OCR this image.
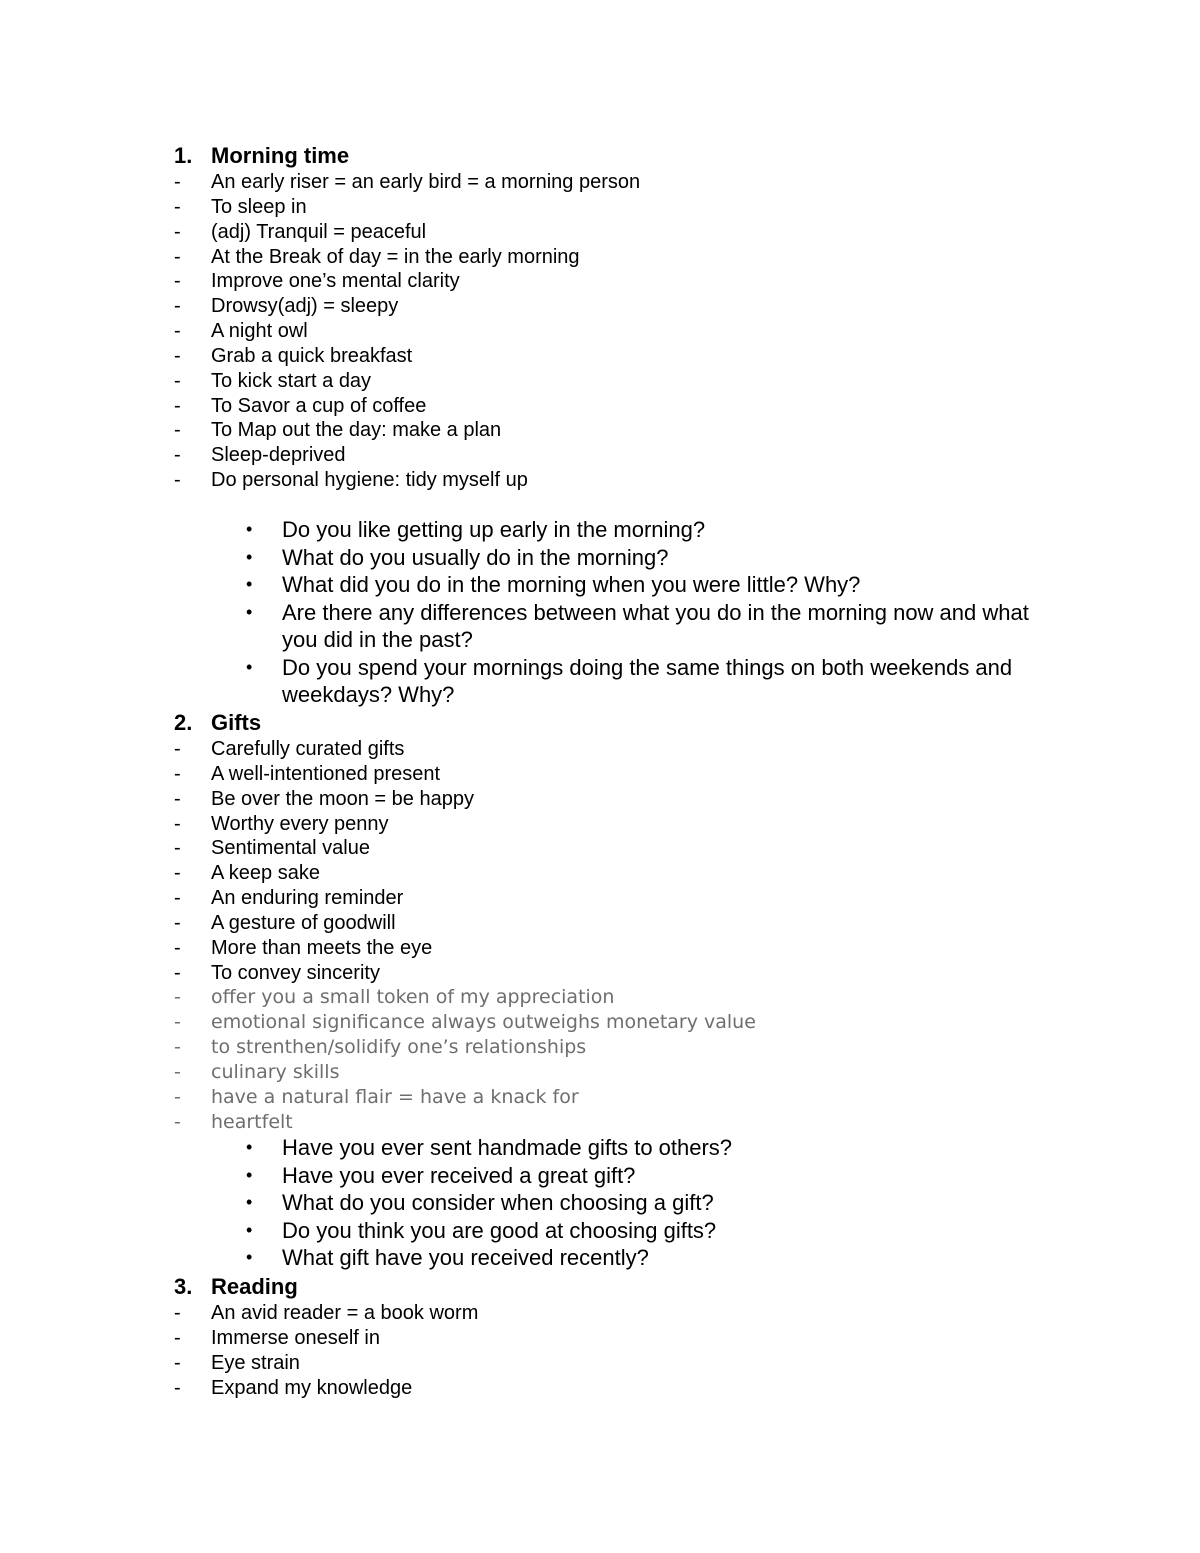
1. Morning time
- An early riser = an early bird = a morning person
- To sleep in
- (adj) Tranquil = peaceful
- At the Break of day = in the early morning
- Improve one’s mental clarity
- Drowsy(adj) = sleepy
- A night owl
- Grab a quick breakfast
- To kick start a day
- To Savor a cup of coffee
- To Map out the day: make a plan
- Sleep-deprived
- Do personal hygiene: tidy myself up
• Do you like getting up early in the morning?
• What do you usually do in the morning?
• What did you do in the morning when you were little? Why?
• Are there any differences between what you do in the morning now and what you did in the past?
• Do you spend your mornings doing the same things on both weekends and weekdays? Why?
2. Gifts
- Carefully curated gifts
- A well-intentioned present
- Be over the moon = be happy
- Worthy every penny
- Sentimental value
- A keep sake
- An enduring reminder
- A gesture of goodwill
- More than meets the eye
- To convey sincerity
- offer you a small token of my appreciation
- emotional significance always outweighs monetary value
- to strenthen/solidify one’s relationships
- culinary skills
- have a natural flair = have a knack for
- heartfelt
• Have you ever sent handmade gifts to others?
• Have you ever received a great gift?
• What do you consider when choosing a gift?
• Do you think you are good at choosing gifts?
• What gift have you received recently?
3. Reading
- An avid reader = a book worm
- Immerse oneself in
- Eye strain
- Expand my knowledge
